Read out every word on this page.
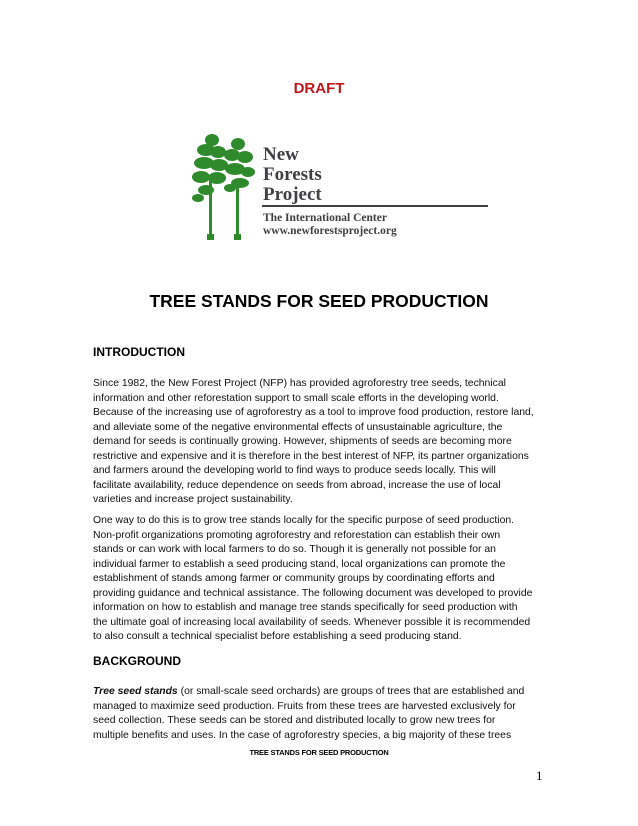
DRAFT
New
Forests
Project
The International Center
www.newforestsproject.org
TREE STANDS FOR SEED PRODUCTION
INTRODUCTION

Since 1982, the New Forest Project (NFP) has provided agroforestry tree seeds, technical

information and other reforestation support to small scale efforts in the developing world.

Because of the increasing use of agroforestry as a tool to improve food production, restore land,

and alleviate some of the negative environmental effects of unsustainable agriculture, the

demand for seeds is continually growing. However, shipments of seeds are becoming more

restrictive and expensive and it is therefore in the best interest of NFP, its partner organizations

and farmers around the developing world to find ways to produce seeds locally. This will

facilitate availability, reduce dependence on seeds from abroad, increase the use of local

varieties and increase project sustainability.

One way to do this is to grow tree stands locally for the specific purpose of seed production.

Non-profit organizations promoting agroforestry and reforestation can establish their own

stands or can work with local farmers to do so. Though it is generally not possible for an

individual farmer to establish a seed producing stand, local organizations can promote the

establishment of stands among farmer or community groups by coordinating efforts and

providing guidance and technical assistance. The following document was developed to provide

information on how to establish and manage tree stands specifically for seed production with

the ultimate goal of increasing local availability of seeds. Whenever possible it is recommended

to also consult a technical specialist before establishing a seed producing stand.

BACKGROUND

Tree seed stands (or small-scale seed orchards) are groups of trees that are established and

managed to maximize seed production. Fruits from these trees are harvested exclusively for

seed collection. These seeds can be stored and distributed locally to grow new trees for

multiple benefits and uses. In the case of agroforestry species, a big majority of these trees

TREE STANDS FOR SEED PRODUCTION
1
